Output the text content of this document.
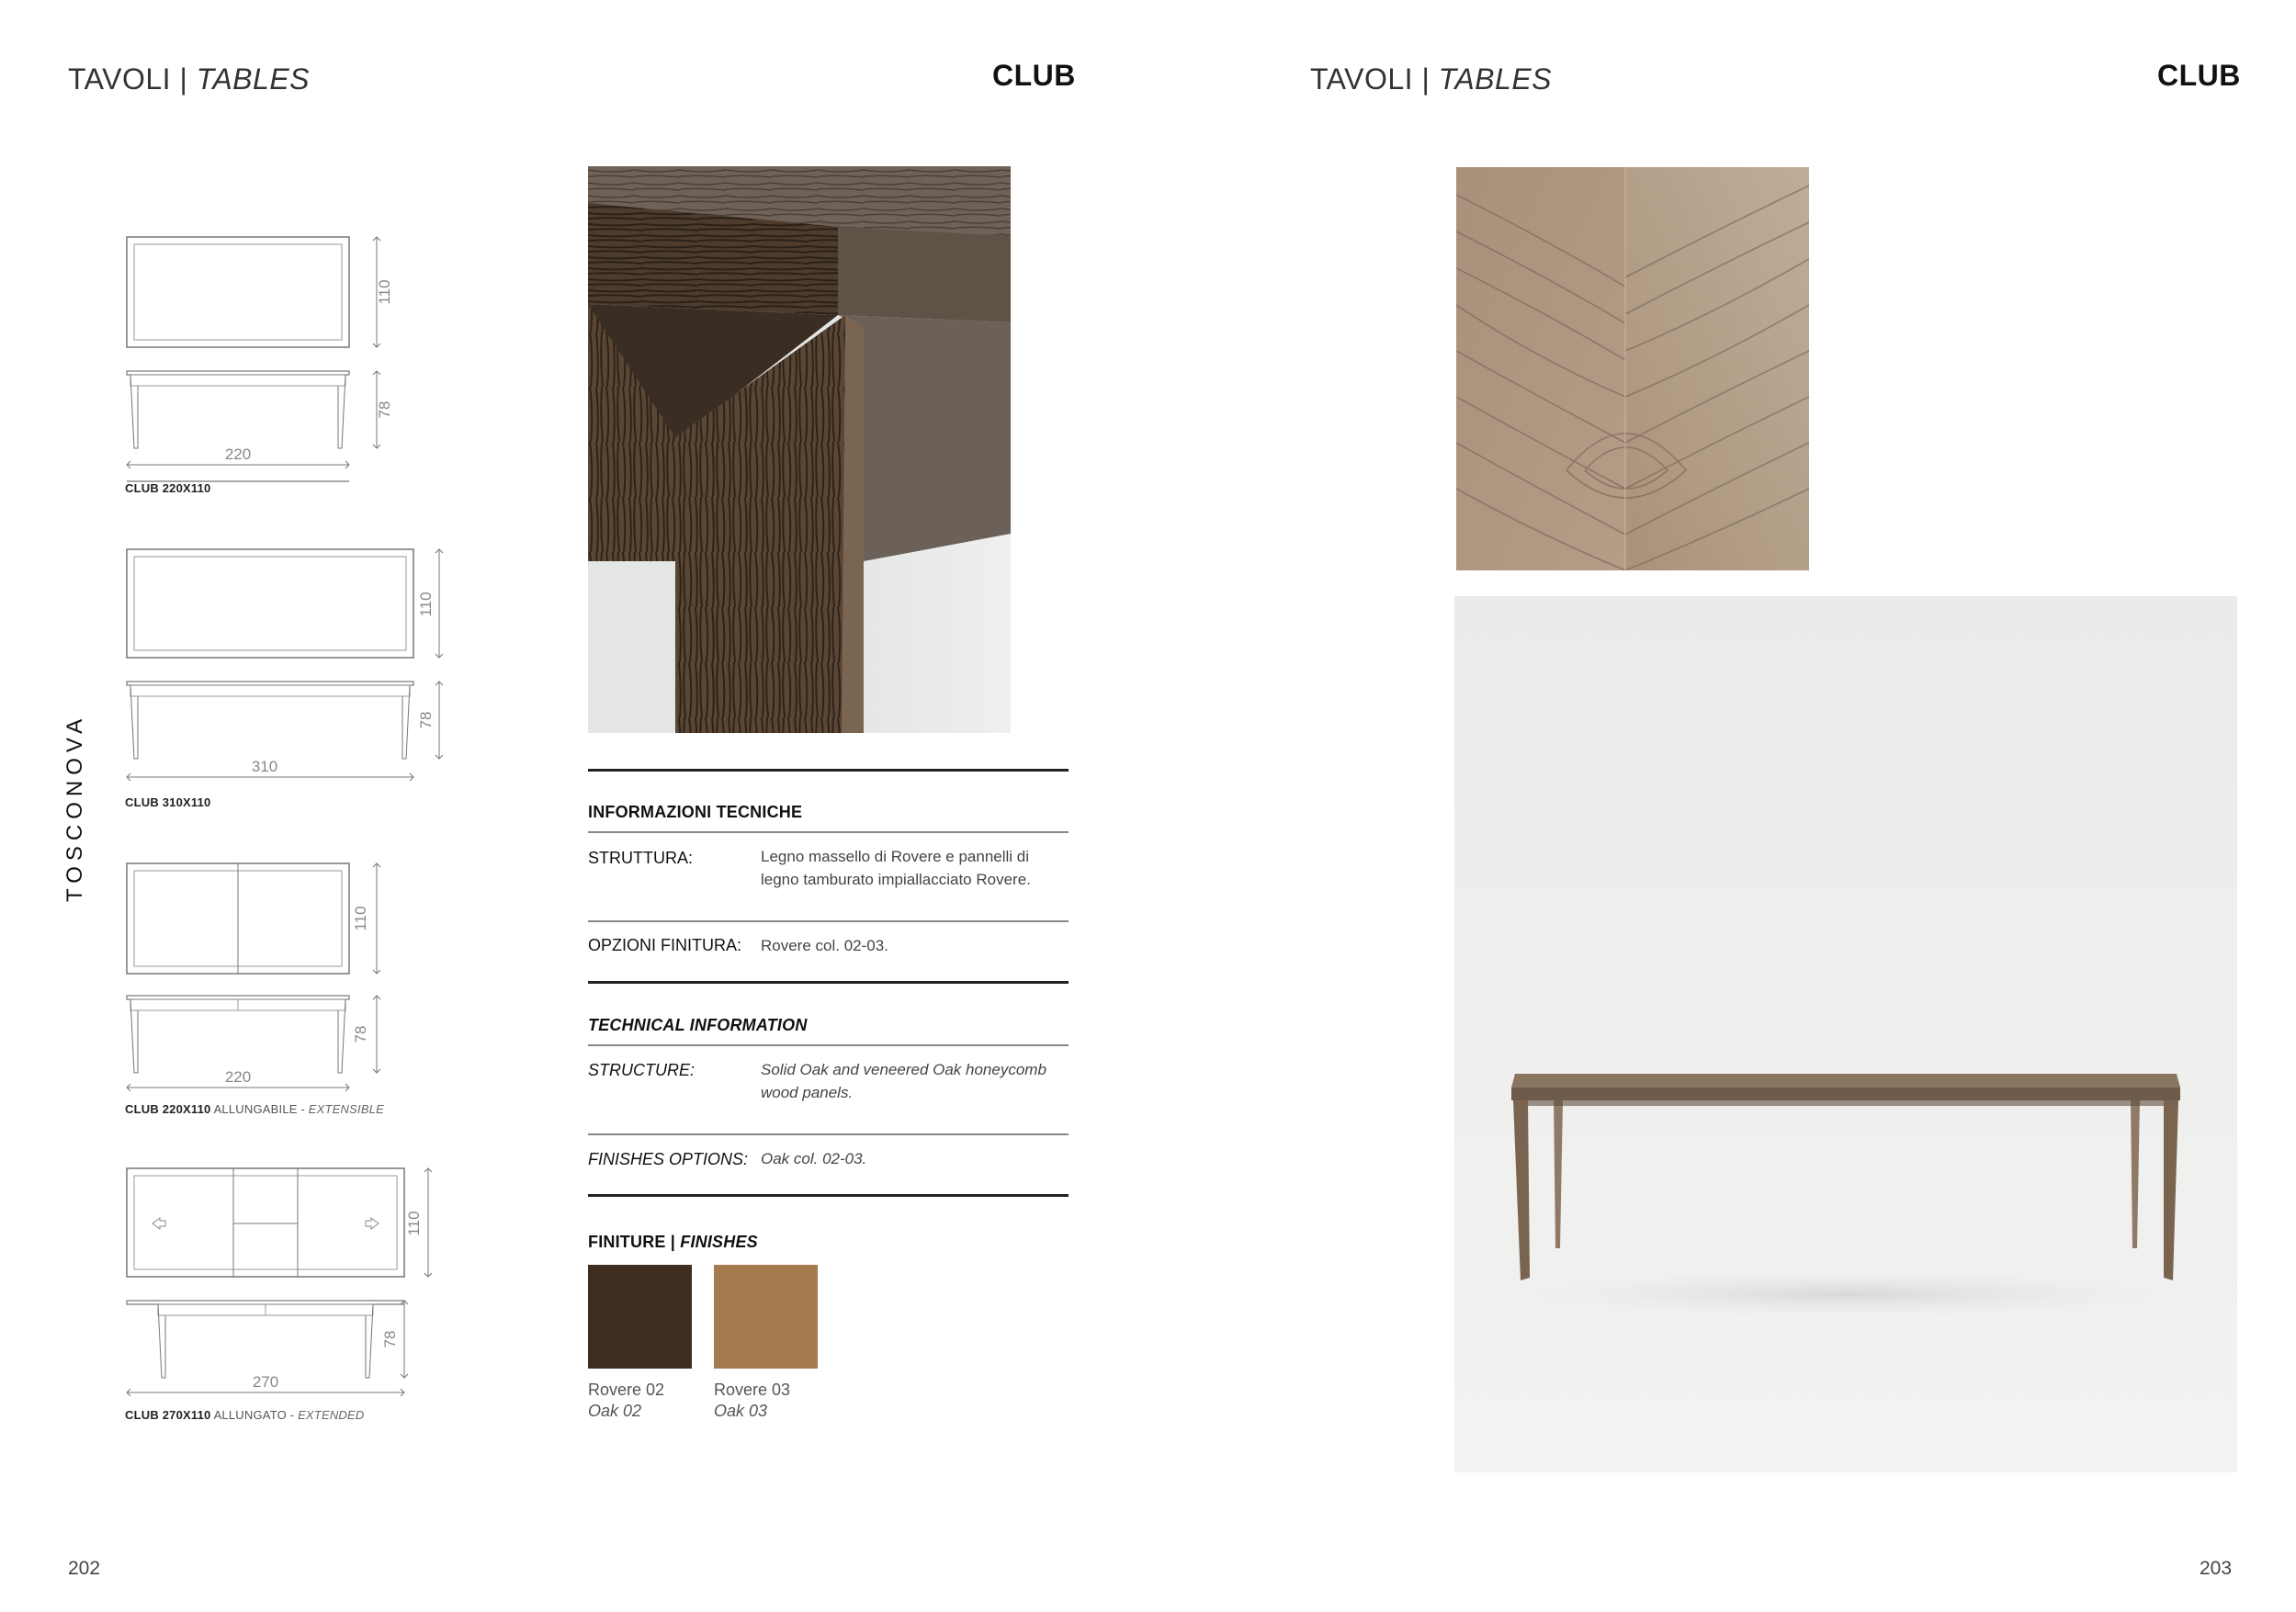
TAVOLI | TABLES	CLUB
TOSCONOVA
110
78
220
CLUB 220X110
110
78
310
CLUB 310X110
110
78
220
CLUB 220X110 ALLUNGABILE - EXTENSIBLE
110
78
270
CLUB 270X110 ALLUNGATO - EXTENDED
INFORMAZIONI TECNICHE
STRUTTURA:	Legno massello di Rovere e pannelli di legno tamburato impiallacciato Rovere.
OPZIONI FINITURA: Rovere col. 02-03.
TECHNICAL INFORMATION
STRUCTURE:	Solid Oak and veneered Oak honeycomb wood panels.
FINISHES OPTIONS: Oak col. 02-03.
FINITURE | FINISHES
Rovere 02
Oak 02
Rovere 03
Oak 03
202
TAVOLI | TABLES	CLUB
203
